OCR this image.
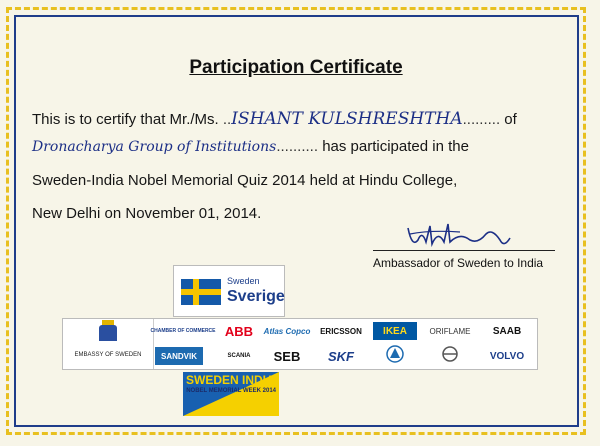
Participation Certificate
This is to certify that Mr./Ms. ..ISHANT KULSHRESHTHA......... of
Dronacharya Group of Institutions.......... has participated in the
Sweden-India Nobel Memorial Quiz 2014 held at Hindu College,
New Delhi on November 01, 2014.
Ambassador of Sweden to India
Sweden
Sverige
EMBASSY OF SWEDEN
CHAMBER OF COMMERCE ABB	Atlas Copco	ERICSSON	IKEA	ORIFLAME	SAAB
SANDVIK	SCANIA	SEB	SKF	VOLVO
SWEDEN INDIA
NOBEL MEMORIAL WEEK 2014
